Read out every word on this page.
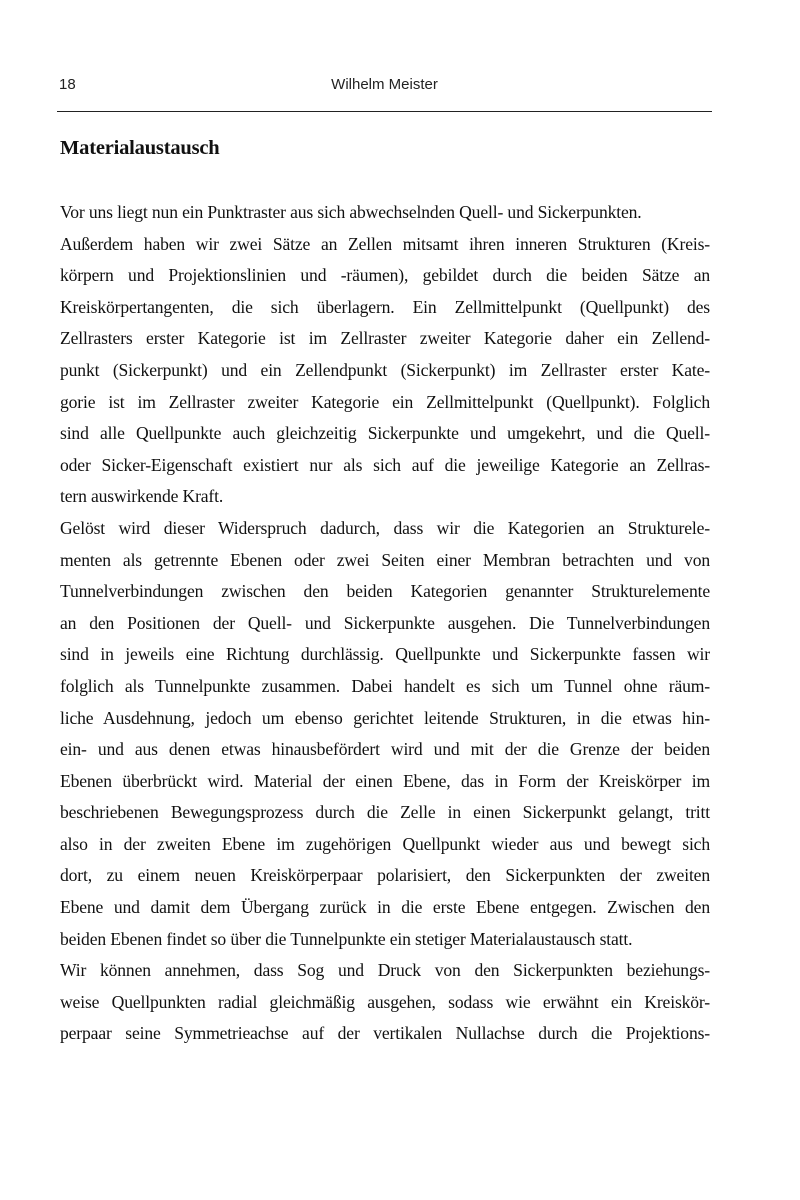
18	Wilhelm Meister
Materialaustausch
Vor uns liegt nun ein Punktraster aus sich abwechselnden Quell- und Sickerpunkten.
Außerdem haben wir zwei Sätze an Zellen mitsamt ihren inneren Strukturen (Kreis-
körpern und Projektionslinien und -räumen), gebildet durch die beiden Sätze an
Kreiskörpertangenten, die sich überlagern. Ein Zellmittelpunkt (Quellpunkt) des
Zellrasters erster Kategorie ist im Zellraster zweiter Kategorie daher ein Zellend-
punkt (Sickerpunkt) und ein Zellendpunkt (Sickerpunkt) im Zellraster erster Kate-
gorie ist im Zellraster zweiter Kategorie ein Zellmittelpunkt (Quellpunkt). Folglich
sind alle Quellpunkte auch gleichzeitig Sickerpunkte und umgekehrt, und die Quell-
oder Sicker-Eigenschaft existiert nur als sich auf die jeweilige Kategorie an Zellras-
tern auswirkende Kraft.
Gelöst wird dieser Widerspruch dadurch, dass wir die Kategorien an Strukturele-
menten als getrennte Ebenen oder zwei Seiten einer Membran betrachten und von
Tunnelverbindungen zwischen den beiden Kategorien genannter Strukturelemente
an den Positionen der Quell- und Sickerpunkte ausgehen. Die Tunnelverbindungen
sind in jeweils eine Richtung durchlässig. Quellpunkte und Sickerpunkte fassen wir
folglich als Tunnelpunkte zusammen. Dabei handelt es sich um Tunnel ohne räum-
liche Ausdehnung, jedoch um ebenso gerichtet leitende Strukturen, in die etwas hin-
ein- und aus denen etwas hinausbefördert wird und mit der die Grenze der beiden
Ebenen überbrückt wird. Material der einen Ebene, das in Form der Kreiskörper im
beschriebenen Bewegungsprozess durch die Zelle in einen Sickerpunkt gelangt, tritt
also in der zweiten Ebene im zugehörigen Quellpunkt wieder aus und bewegt sich
dort, zu einem neuen Kreiskörperpaar polarisiert, den Sickerpunkten der zweiten
Ebene und damit dem Übergang zurück in die erste Ebene entgegen. Zwischen den
beiden Ebenen findet so über die Tunnelpunkte ein stetiger Materialaustausch statt.
Wir können annehmen, dass Sog und Druck von den Sickerpunkten beziehungs-
weise Quellpunkten radial gleichmäßig ausgehen, sodass wie erwähnt ein Kreiskör-
perpaar seine Symmetrieachse auf der vertikalen Nullachse durch die Projektions-
